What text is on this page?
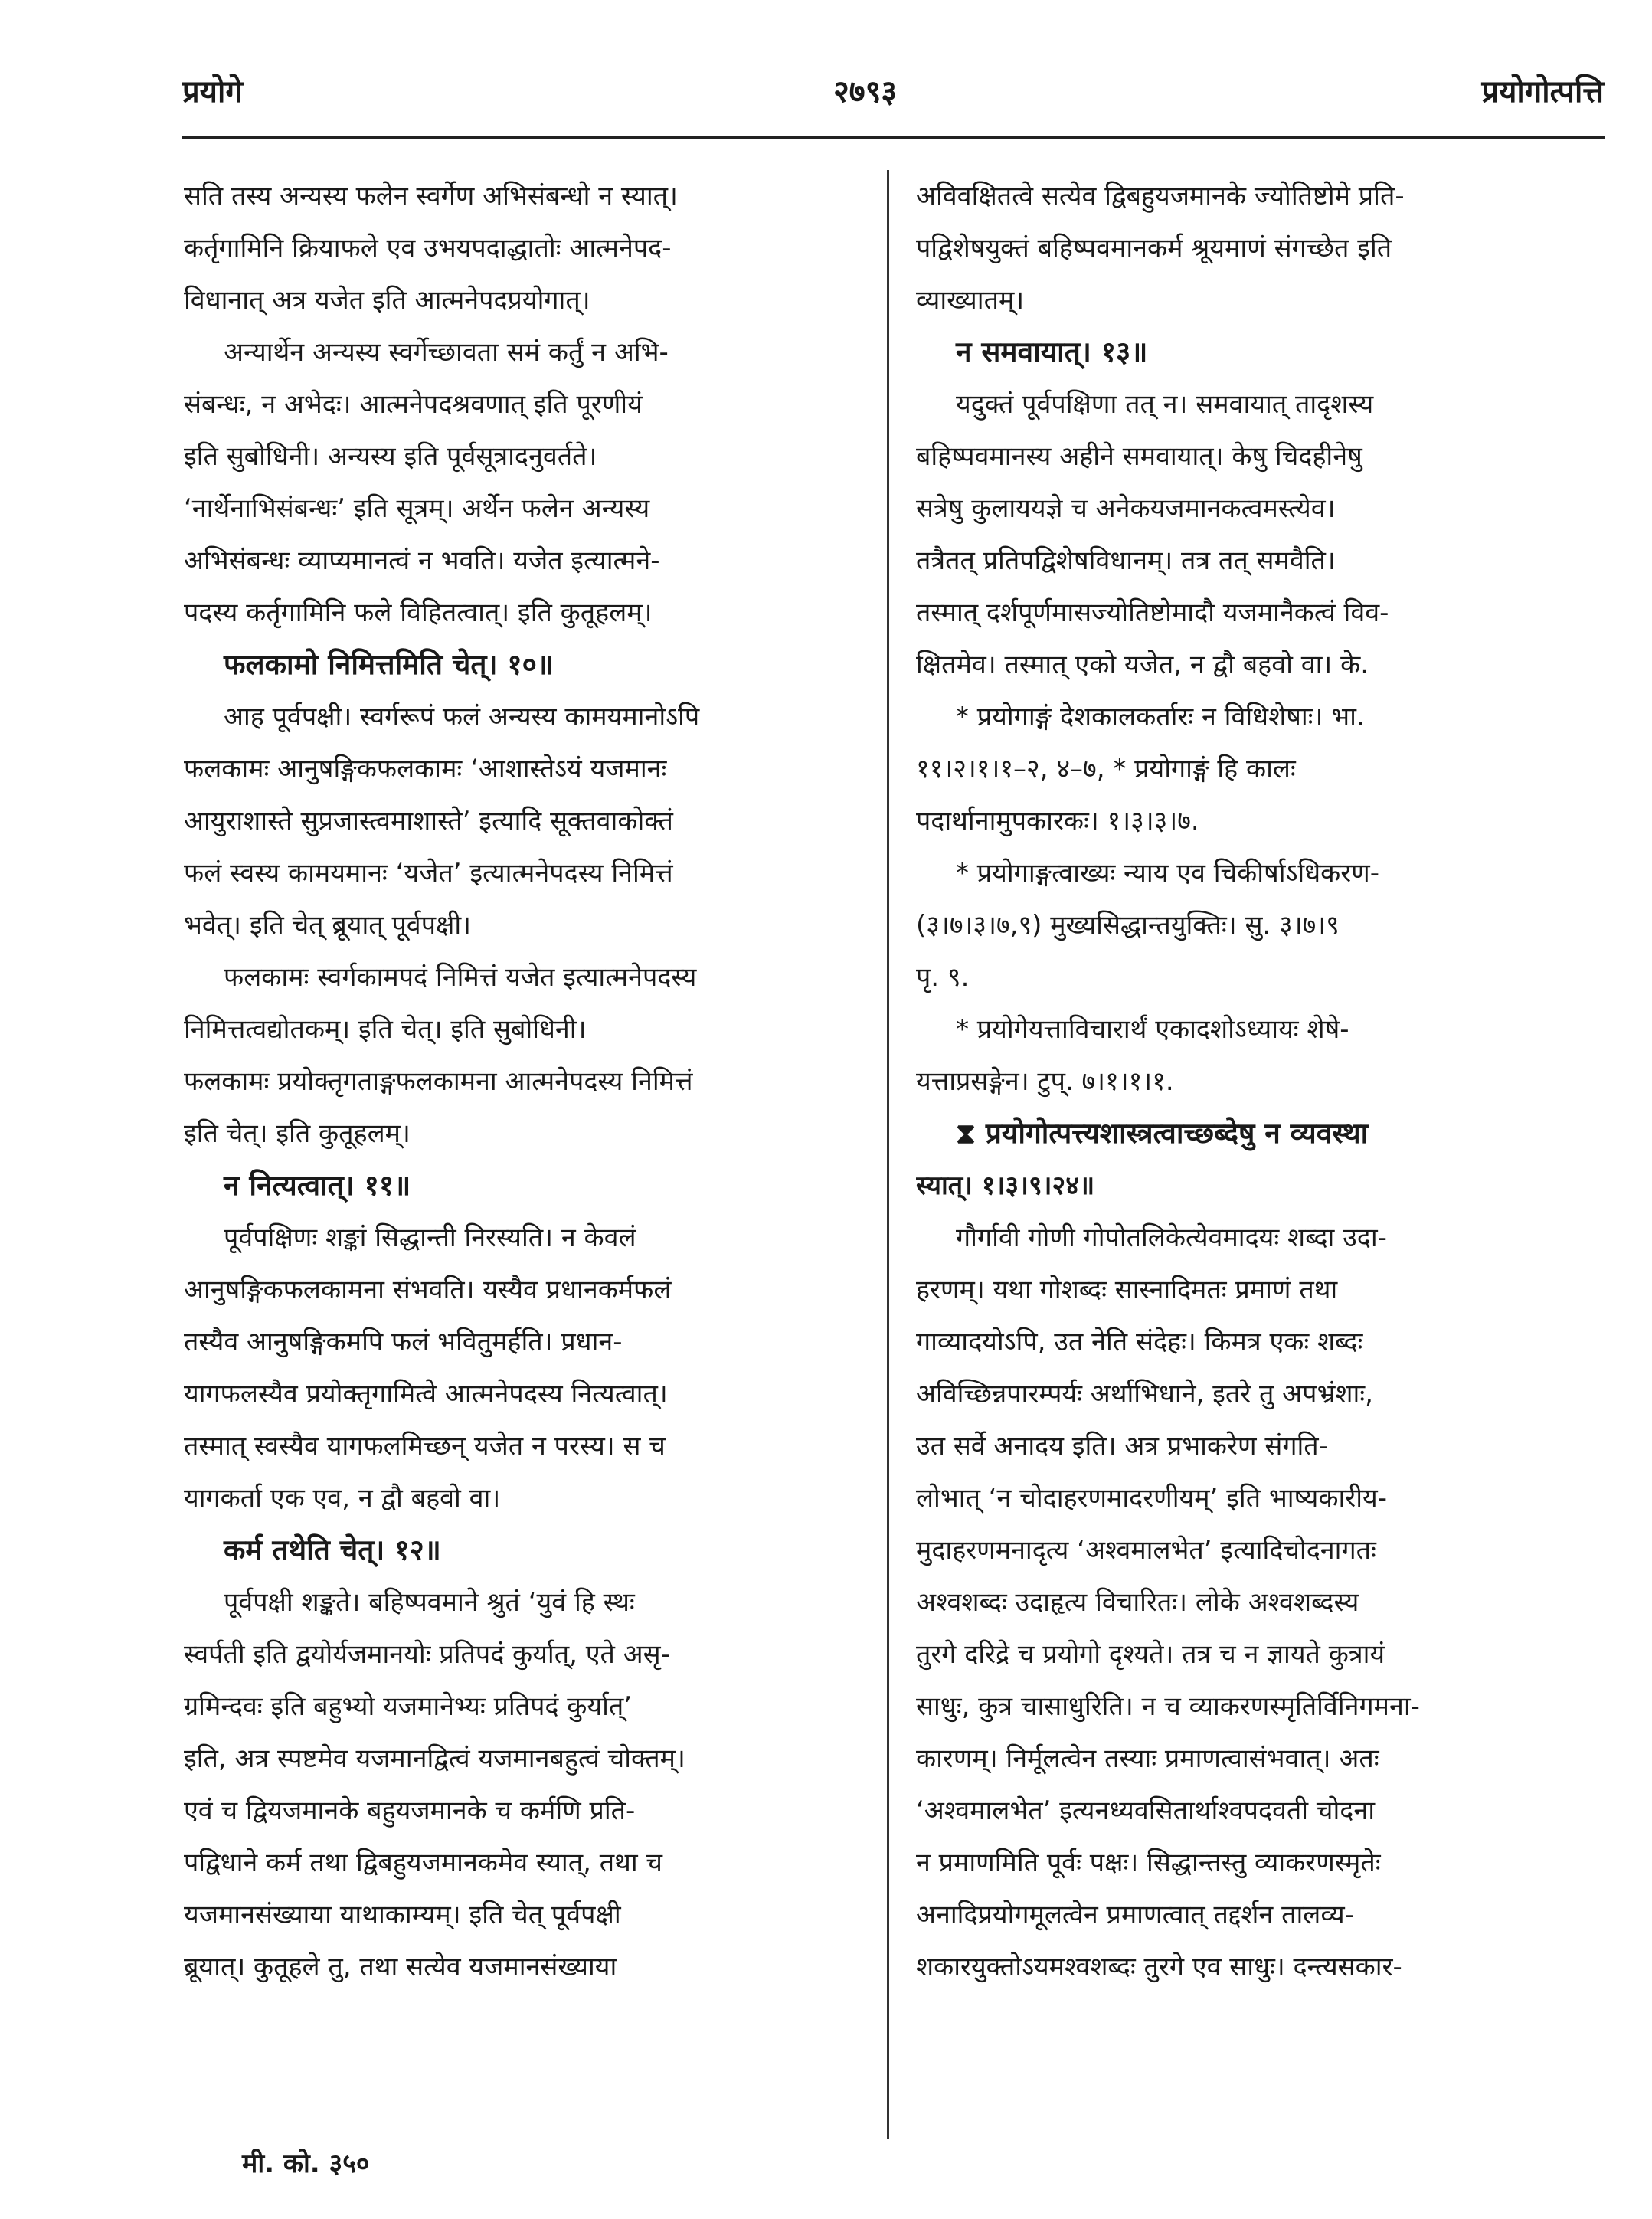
प्रयोगे	२७९३	प्रयोगोत्पत्ति
सति तस्य अन्यस्य फलेन स्वर्गेण अभिसंबन्धो न स्यात्।
कर्तृगामिनि क्रियाफले एव उभयपदाद्धातोः आत्मनेपद-
विधानात् अत्र यजेत इति आत्मनेपदप्रयोगात्।
अन्यार्थेन अन्यस्य स्वर्गेच्छावता समं कर्तुं न अभि-
संबन्धः, न अभेदः। आत्मनेपदश्रवणात् इति पूरणीयं
इति सुबोधिनी। अन्यस्य इति पूर्वसूत्रादनुवर्तते।
‘नार्थेनाभिसंबन्धः’ इति सूत्रम्। अर्थेन फलेन अन्यस्य
अभिसंबन्धः व्याप्यमानत्वं न भवति। यजेत इत्यात्मने-
पदस्य कर्तृगामिनि फले विहितत्वात्। इति कुतूहलम्।
फलकामो निमित्तमिति चेत्। १०॥
आह पूर्वपक्षी। स्वर्गरूपं फलं अन्यस्य कामयमानोऽपि
फलकामः आनुषङ्गिकफलकामः ‘आशास्तेऽयं यजमानः
आयुराशास्ते सुप्रजास्त्वमाशास्ते’ इत्यादि सूक्तवाकोक्तं
फलं स्वस्य कामयमानः ‘यजेत’ इत्यात्मनेपदस्य निमित्तं
भवेत्। इति चेत् ब्रूयात् पूर्वपक्षी।
फलकामः स्वर्गकामपदं निमित्तं यजेत इत्यात्मनेपदस्य
निमित्तत्वद्योतकम्। इति चेत्। इति सुबोधिनी।
फलकामः प्रयोक्तृगताङ्गफलकामना आत्मनेपदस्य निमित्तं
इति चेत्। इति कुतूहलम्।
न नित्यत्वात्। ११॥
पूर्वपक्षिणः शङ्कां सिद्धान्ती निरस्यति। न केवलं
आनुषङ्गिकफलकामना संभवति। यस्यैव प्रधानकर्मफलं
तस्यैव आनुषङ्गिकमपि फलं भवितुमर्हति। प्रधान-
यागफलस्यैव प्रयोक्तृगामित्वे आत्मनेपदस्य नित्यत्वात्।
तस्मात् स्वस्यैव यागफलमिच्छन् यजेत न परस्य। स च
यागकर्ता एक एव, न द्वौ बहवो वा।
कर्म तथेति चेत्। १२॥
पूर्वपक्षी शङ्कते। बहिष्पवमाने श्रुतं ‘युवं हि स्थः
स्वर्पती इति द्वयोर्यजमानयोः प्रतिपदं कुर्यात्, एते असृ-
ग्रमिन्दवः इति बहुभ्यो यजमानेभ्यः प्रतिपदं कुर्यात्’
इति, अत्र स्पष्टमेव यजमानद्वित्वं यजमानबहुत्वं चोक्तम्।
एवं च द्वियजमानके बहुयजमानके च कर्मणि प्रति-
पद्विधाने कर्म तथा द्विबहुयजमानकमेव स्यात्, तथा च
यजमानसंख्याया याथाकाम्यम्। इति चेत् पूर्वपक्षी
ब्रूयात्। कुतूहले तु, तथा सत्येव यजमानसंख्याया
अविवक्षितत्वे सत्येव द्विबहुयजमानके ज्योतिष्टोमे प्रति-
पद्विशेषयुक्तं बहिष्पवमानकर्म श्रूयमाणं संगच्छेत इति
व्याख्यातम्।
न समवायात्। १३॥
यदुक्तं पूर्वपक्षिणा तत् न। समवायात् तादृशस्य
बहिष्पवमानस्य अहीने समवायात्। केषु चिदहीनेषु
सत्रेषु कुलाययज्ञे च अनेकयजमानकत्वमस्त्येव।
तत्रैतत् प्रतिपद्विशेषविधानम्। तत्र तत् समवैति।
तस्मात् दर्शपूर्णमासज्योतिष्टोमादौ यजमानैकत्वं विव-
क्षितमेव। तस्मात् एको यजेत, न द्वौ बहवो वा। के.
* प्रयोगाङ्गं देशकालकर्तारः न विधिशेषाः। भा.
११।२।१।१–२, ४–७, * प्रयोगाङ्गं हि कालः
पदार्थानामुपकारकः। १।३।३।७.
* प्रयोगाङ्गत्वाख्यः न्याय एव चिकीर्षाऽधिकरण-
(३।७।३।७,९) मुख्यसिद्धान्तयुक्तिः। सु. ३।७।९
पृ. ९.
* प्रयोगेयत्ताविचारार्थं एकादशोऽध्यायः शेषे-
यत्ताप्रसङ्गेन। टुप्. ७।१।१।१.
⧗ प्रयोगोत्पत्त्यशास्त्रत्वाच्छब्देषु न व्यवस्था
स्यात्। १।३।९।२४॥
गौर्गावी गोणी गोपोतलिकेत्येवमादयः शब्दा उदा-
हरणम्। यथा गोशब्दः सास्नादिमतः प्रमाणं तथा
गाव्यादयोऽपि, उत नेति संदेहः। किमत्र एकः शब्दः
अविच्छिन्नपारम्पर्यः अर्थाभिधाने, इतरे तु अपभ्रंशाः,
उत सर्वे अनादय इति। अत्र प्रभाकरेण संगति-
लोभात् ‘न चोदाहरणमादरणीयम्’ इति भाष्यकारीय-
मुदाहरणमनादृत्य ‘अश्वमालभेत’ इत्यादिचोदनागतः
अश्वशब्दः उदाहृत्य विचारितः। लोके अश्वशब्दस्य
तुरगे दरिद्रे च प्रयोगो दृश्यते। तत्र च न ज्ञायते कुत्रायं
साधुः, कुत्र चासाधुरिति। न च व्याकरणस्मृतिर्विनिगमना-
कारणम्। निर्मूलत्वेन तस्याः प्रमाणत्वासंभवात्। अतः
‘अश्वमालभेत’ इत्यनध्यवसितार्थाश्वपदवती चोदना
न प्रमाणमिति पूर्वः पक्षः। सिद्धान्तस्तु व्याकरणस्मृतेः
अनादिप्रयोगमूलत्वेन प्रमाणत्वात् तद्दर्शन तालव्य-
शकारयुक्तोऽयमश्वशब्दः तुरगे एव साधुः। दन्त्यसकार-
मी. को. ३५०
